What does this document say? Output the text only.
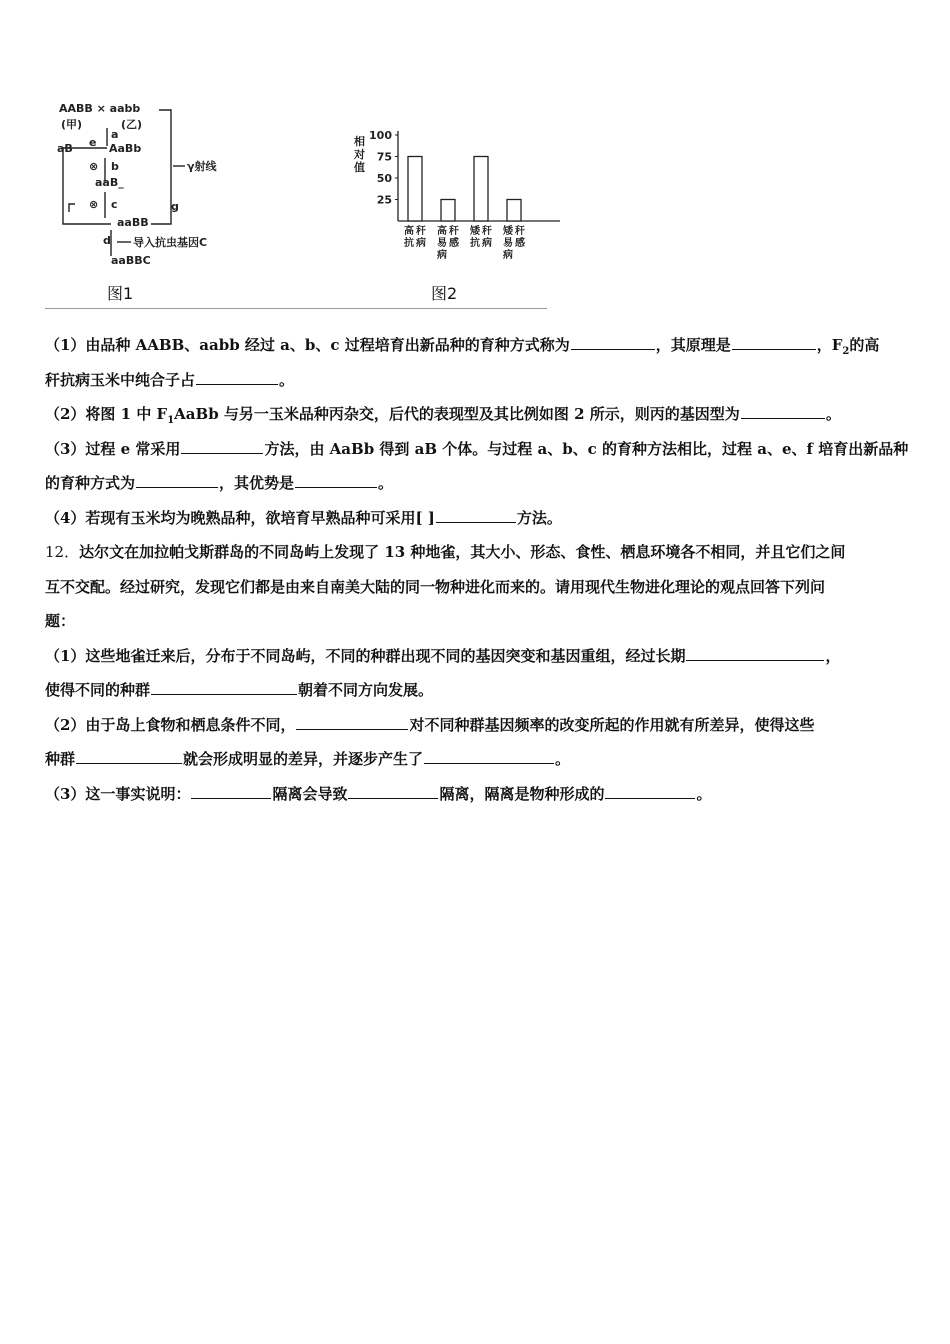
AABB × aabb
(甲)	(乙)
a
e
aB	AaBb
⊗ b
aaB_
⊗ c
γ射线
g
aaBB
d 导入抗虫基因C
aaBBC
相
对
值
100
75
50
25
高 秆
抗 病
高 秆
易 感
病
矮 秆
抗 病
矮 秆
易 感
病
图1	图2
（1）由品种 AABB、aabb 经过 a、b、c 过程培育出新品种的育种方式称为	，其原理是	，$F_2$的高
秆抗病玉米中纯合子占	。
（2）将图 1 中 $F_1AaBb$ 与另一玉米品种丙杂交，后代的表现型及其比例如图 2 所示，则丙的基因型为	。
（3）过程 e 常采用	方法，由 AaBb 得到 aB 个体。与过程 a、b、c 的育种方法相比，过程 a、e、f 培育出新品种
的育种方式为	，其优势是	。
（4）若现有玉米均为晚熟品种，欲培育早熟品种可采用[ ]	方法。
12．达尔文在加拉帕戈斯群岛的不同岛屿上发现了 13 种地雀，其大小、形态、食性、栖息环境各不相同，并且它们之间
互不交配。经过研究，发现它们都是由来自南美大陆的同一物种进化而来的。请用现代生物进化理论的观点回答下列问
题：
（1）这些地雀迁来后，分布于不同岛屿，不同的种群出现不同的基因突变和基因重组，经过长期	，
使得不同的种群	朝着不同方向发展。
（2）由于岛上食物和栖息条件不同，	对不同种群基因频率的改变所起的作用就有所差异，使得这些
种群	就会形成明显的差异，并逐步产生了	。
（3）这一事实说明：	隔离会导致	隔离，隔离是物种形成的	。
